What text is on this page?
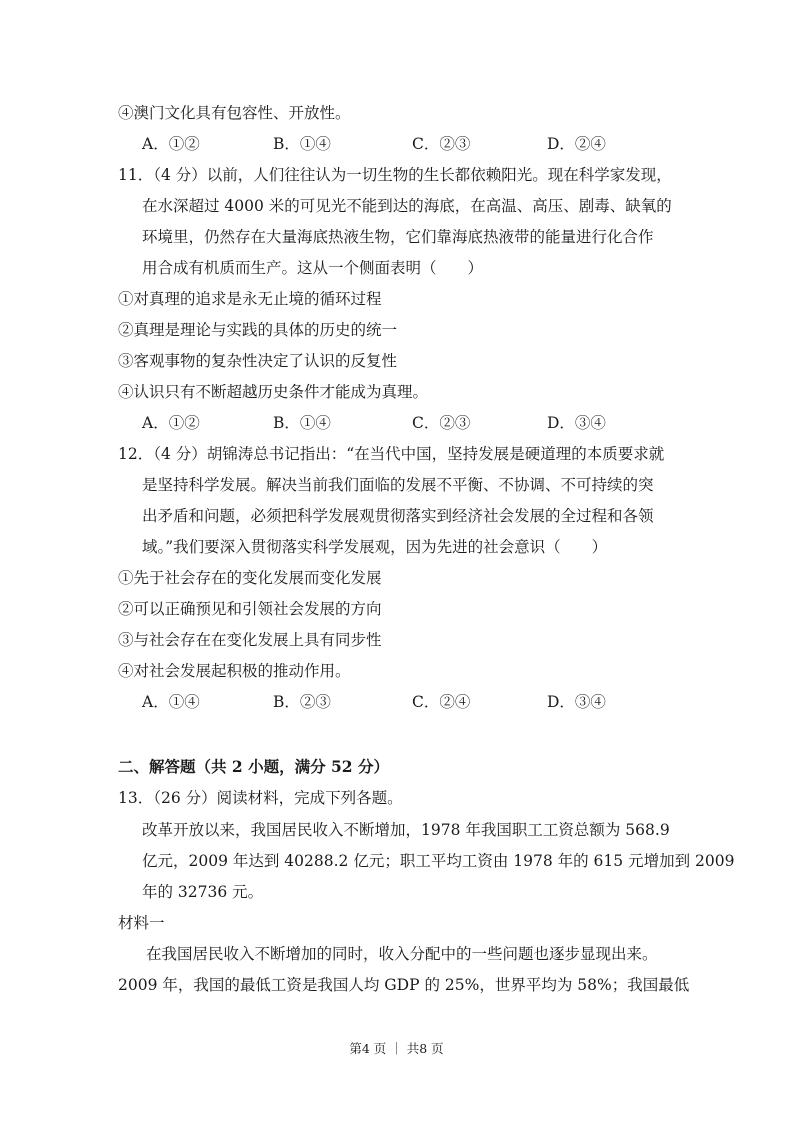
④澳门文化具有包容性、开放性。
A．①②	B．①④	C．②③	D．②④
11．（4 分）以前，人们往往认为一切生物的生长都依赖阳光。现在科学家发现，
在水深超过 4000 米的可见光不能到达的海底，在高温、高压、剧毒、缺氧的
环境里，仍然存在大量海底热液生物，它们靠海底热液带的能量进行化合作
用合成有机质而生产。这从一个侧面表明（　　）
①对真理的追求是永无止境的循环过程
②真理是理论与实践的具体的历史的统一
③客观事物的复杂性决定了认识的反复性
④认识只有不断超越历史条件才能成为真理。
A．①②	B．①④	C．②③	D．③④
12．（4 分）胡锦涛总书记指出：“在当代中国，坚持发展是硬道理的本质要求就
是坚持科学发展。解决当前我们面临的发展不平衡、不协调、不可持续的突
出矛盾和问题，必须把科学发展观贯彻落实到经济社会发展的全过程和各领
域。”我们要深入贯彻落实科学发展观，因为先进的社会意识（　　）
①先于社会存在的变化发展而变化发展
②可以正确预见和引领社会发展的方向
③与社会存在在变化发展上具有同步性
④对社会发展起积极的推动作用。
A．①④	B．②③	C．②④	D．③④
二、解答题（共 2 小题，满分 52 分）
13．（26 分）阅读材料，完成下列各题。
改革开放以来，我国居民收入不断增加，1978 年我国职工工资总额为 568.9
亿元，2009 年达到 40288.2 亿元；职工平均工资由 1978 年的 615 元增加到 2009
年的 32736 元。
材料一
在我国居民收入不断增加的同时，收入分配中的一些问题也逐步显现出来。
2009 年，我国的最低工资是我国人均 GDP 的 25%，世界平均为 58%；我国最低
第4 页 ｜ 共8 页
